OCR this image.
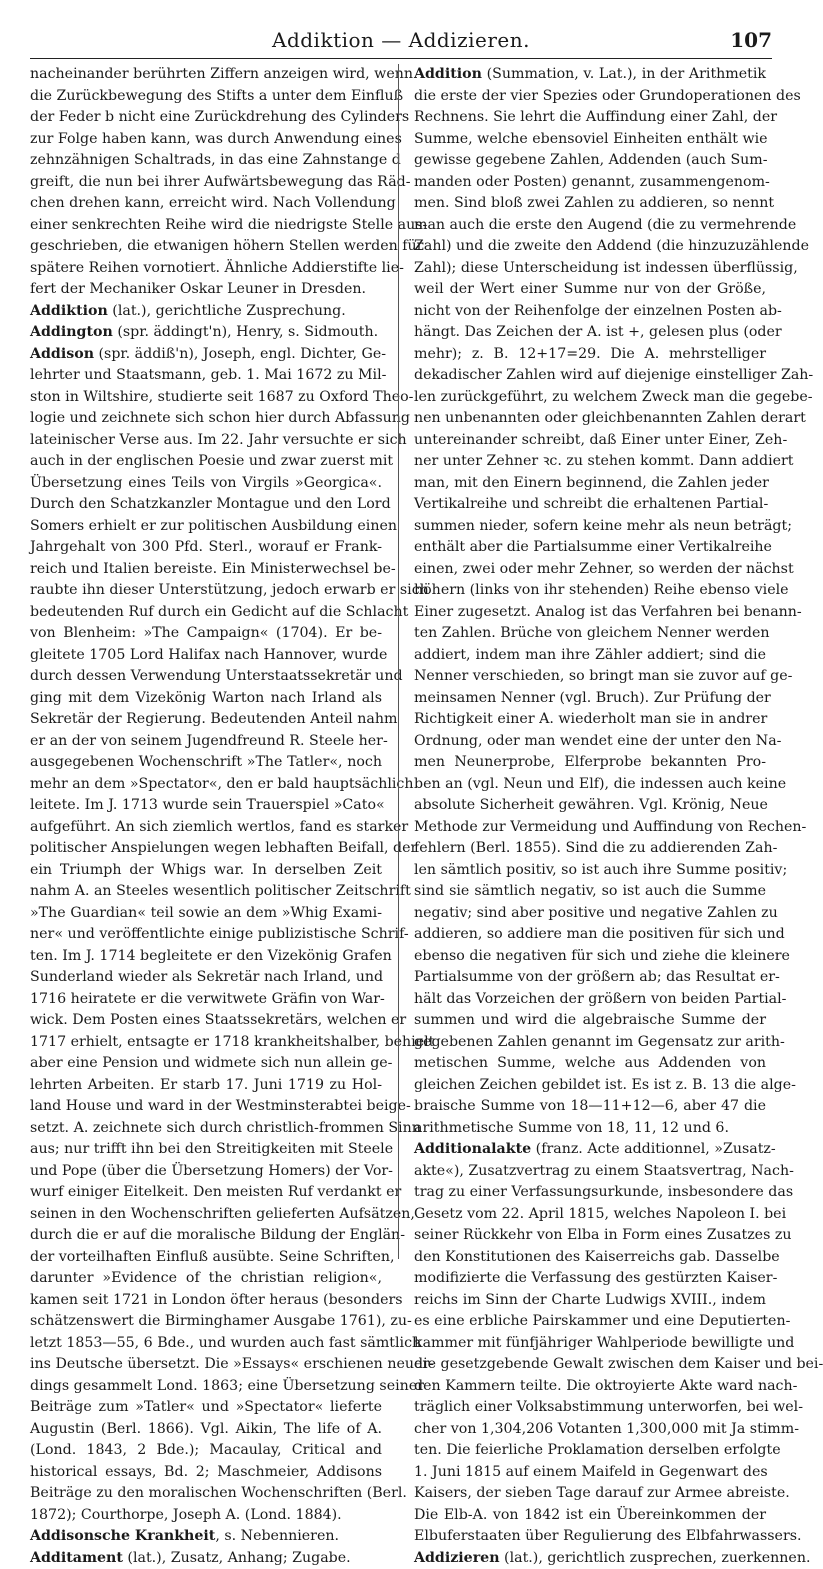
Addiktion — Addizieren.	107
nacheinander berührten Ziffern anzeigen wird, wenn
die Zurückbewegung des Stifts a unter dem Einfluß
der Feder b nicht eine Zurückdrehung des Cylinders
zur Folge haben kann, was durch Anwendung eines
zehnzähnigen Schaltrads, in das eine Zahnstange d
greift, die nun bei ihrer Aufwärtsbewegung das Räd-
chen drehen kann, erreicht wird. Nach Vollendung
einer senkrechten Reihe wird die niedrigste Stelle aus-
geschrieben, die etwanigen höhern Stellen werden für
spätere Reihen vornotiert. Ähnliche Addierstifte lie-
fert der Mechaniker Oskar Leuner in Dresden.
Addiktion (lat.), gerichtliche Zusprechung.
Addington (spr. äddingt'n), Henry, s. Sidmouth.
Addison (spr. äddiß'n), Joseph, engl. Dichter, Ge-
lehrter und Staatsmann, geb. 1. Mai 1672 zu Mil-
ston in Wiltshire, studierte seit 1687 zu Oxford Theo-
logie und zeichnete sich schon hier durch Abfassung
lateinischer Verse aus. Im 22. Jahr versuchte er sich
auch in der englischen Poesie und zwar zuerst mit
Übersetzung eines Teils von Virgils »Georgica«.
Durch den Schatzkanzler Montague und den Lord
Somers erhielt er zur politischen Ausbildung einen
Jahrgehalt von 300 Pfd. Sterl., worauf er Frank-
reich und Italien bereiste. Ein Ministerwechsel be-
raubte ihn dieser Unterstützung, jedoch erwarb er sich
bedeutenden Ruf durch ein Gedicht auf die Schlacht
von Blenheim: »The Campaign« (1704). Er be-
gleitete 1705 Lord Halifax nach Hannover, wurde
durch dessen Verwendung Unterstaatssekretär und
ging mit dem Vizekönig Warton nach Irland als
Sekretär der Regierung. Bedeutenden Anteil nahm
er an der von seinem Jugendfreund R. Steele her-
ausgegebenen Wochenschrift »The Tatler«, noch
mehr an dem »Spectator«, den er bald hauptsächlich
leitete. Im J. 1713 wurde sein Trauerspiel »Cato«
aufgeführt. An sich ziemlich wertlos, fand es starker
politischer Anspielungen wegen lebhaften Beifall, der
ein Triumph der Whigs war. In derselben Zeit
nahm A. an Steeles wesentlich politischer Zeitschrift
»The Guardian« teil sowie an dem »Whig Exami-
ner« und veröffentlichte einige publizistische Schrif-
ten. Im J. 1714 begleitete er den Vizekönig Grafen
Sunderland wieder als Sekretär nach Irland, und
1716 heiratete er die verwitwete Gräfin von War-
wick. Dem Posten eines Staatssekretärs, welchen er
1717 erhielt, entsagte er 1718 krankheitshalber, behielt
aber eine Pension und widmete sich nun allein ge-
lehrten Arbeiten. Er starb 17. Juni 1719 zu Hol-
land House und ward in der Westminsterabtei beige-
setzt. A. zeichnete sich durch christlich-frommen Sinn
aus; nur trifft ihn bei den Streitigkeiten mit Steele
und Pope (über die Übersetzung Homers) der Vor-
wurf einiger Eitelkeit. Den meisten Ruf verdankt er
seinen in den Wochenschriften gelieferten Aufsätzen,
durch die er auf die moralische Bildung der Englän-
der vorteilhaften Einfluß ausübte. Seine Schriften,
darunter »Evidence of the christian religion«,
kamen seit 1721 in London öfter heraus (besonders
schätzenswert die Birminghamer Ausgabe 1761), zu-
letzt 1853—55, 6 Bde., und wurden auch fast sämtlich
ins Deutsche übersetzt. Die »Essays« erschienen neuer-
dings gesammelt Lond. 1863; eine Übersetzung seiner
Beiträge zum »Tatler« und »Spectator« lieferte
Augustin (Berl. 1866). Vgl. Aikin, The life of A.
(Lond. 1843, 2 Bde.); Macaulay, Critical and
historical essays, Bd. 2; Maschmeier, Addisons
Beiträge zu den moralischen Wochenschriften (Berl.
1872); Courthorpe, Joseph A. (Lond. 1884).
Addisonsche Krankheit, s. Nebennieren.
Additament (lat.), Zusatz, Anhang; Zugabe.
Addition (Summation, v. Lat.), in der Arithmetik
die erste der vier Spezies oder Grundoperationen des
Rechnens. Sie lehrt die Auffindung einer Zahl, der
Summe, welche ebensoviel Einheiten enthält wie
gewisse gegebene Zahlen, Addenden (auch Sum-
manden oder Posten) genannt, zusammengenom-
men. Sind bloß zwei Zahlen zu addieren, so nennt
man auch die erste den Augend (die zu vermehrende
Zahl) und die zweite den Addend (die hinzuzuzählende
Zahl); diese Unterscheidung ist indessen überflüssig,
weil der Wert einer Summe nur von der Größe,
nicht von der Reihenfolge der einzelnen Posten ab-
hängt. Das Zeichen der A. ist +, gelesen plus (oder
mehr); z. B. 12+17=29. Die A. mehrstelliger
dekadischer Zahlen wird auf diejenige einstelliger Zah-
len zurückgeführt, zu welchem Zweck man die gegebe-
nen unbenannten oder gleichbenannten Zahlen derart
untereinander schreibt, daß Einer unter Einer, Zeh-
ner unter Zehner ꝛc. zu stehen kommt. Dann addiert
man, mit den Einern beginnend, die Zahlen jeder
Vertikalreihe und schreibt die erhaltenen Partial-
summen nieder, sofern keine mehr als neun beträgt;
enthält aber die Partialsumme einer Vertikalreihe
einen, zwei oder mehr Zehner, so werden der nächst
höhern (links von ihr stehenden) Reihe ebenso viele
Einer zugesetzt. Analog ist das Verfahren bei benann-
ten Zahlen. Brüche von gleichem Nenner werden
addiert, indem man ihre Zähler addiert; sind die
Nenner verschieden, so bringt man sie zuvor auf ge-
meinsamen Nenner (vgl. Bruch). Zur Prüfung der
Richtigkeit einer A. wiederholt man sie in andrer
Ordnung, oder man wendet eine der unter den Na-
men Neunerprobe, Elferprobe bekannten Pro-
ben an (vgl. Neun und Elf), die indessen auch keine
absolute Sicherheit gewähren. Vgl. Krönig, Neue
Methode zur Vermeidung und Auffindung von Rechen-
fehlern (Berl. 1855). Sind die zu addierenden Zah-
len sämtlich positiv, so ist auch ihre Summe positiv;
sind sie sämtlich negativ, so ist auch die Summe
negativ; sind aber positive und negative Zahlen zu
addieren, so addiere man die positiven für sich und
ebenso die negativen für sich und ziehe die kleinere
Partialsumme von der größern ab; das Resultat er-
hält das Vorzeichen der größern von beiden Partial-
summen und wird die algebraische Summe der
gegebenen Zahlen genannt im Gegensatz zur arith-
metischen Summe, welche aus Addenden von
gleichen Zeichen gebildet ist. Es ist z. B. 13 die alge-
braische Summe von 18—11+12—6, aber 47 die
arithmetische Summe von 18, 11, 12 und 6.
Additionalakte (franz. Acte additionnel, »Zusatz-
akte«), Zusatzvertrag zu einem Staatsvertrag, Nach-
trag zu einer Verfassungsurkunde, insbesondere das
Gesetz vom 22. April 1815, welches Napoleon I. bei
seiner Rückkehr von Elba in Form eines Zusatzes zu
den Konstitutionen des Kaiserreichs gab. Dasselbe
modifizierte die Verfassung des gestürzten Kaiser-
reichs im Sinn der Charte Ludwigs XVIII., indem
es eine erbliche Pairskammer und eine Deputierten-
kammer mit fünfjähriger Wahlperiode bewilligte und
die gesetzgebende Gewalt zwischen dem Kaiser und bei-
den Kammern teilte. Die oktroyierte Akte ward nach-
träglich einer Volksabstimmung unterworfen, bei wel-
cher von 1,304,206 Votanten 1,300,000 mit Ja stimm-
ten. Die feierliche Proklamation derselben erfolgte
1. Juni 1815 auf einem Maifeld in Gegenwart des
Kaisers, der sieben Tage darauf zur Armee abreiste.
Die Elb-A. von 1842 ist ein Übereinkommen der
Elbuferstaaten über Regulierung des Elbfahrwassers.
Addizieren (lat.), gerichtlich zusprechen, zuerkennen.
